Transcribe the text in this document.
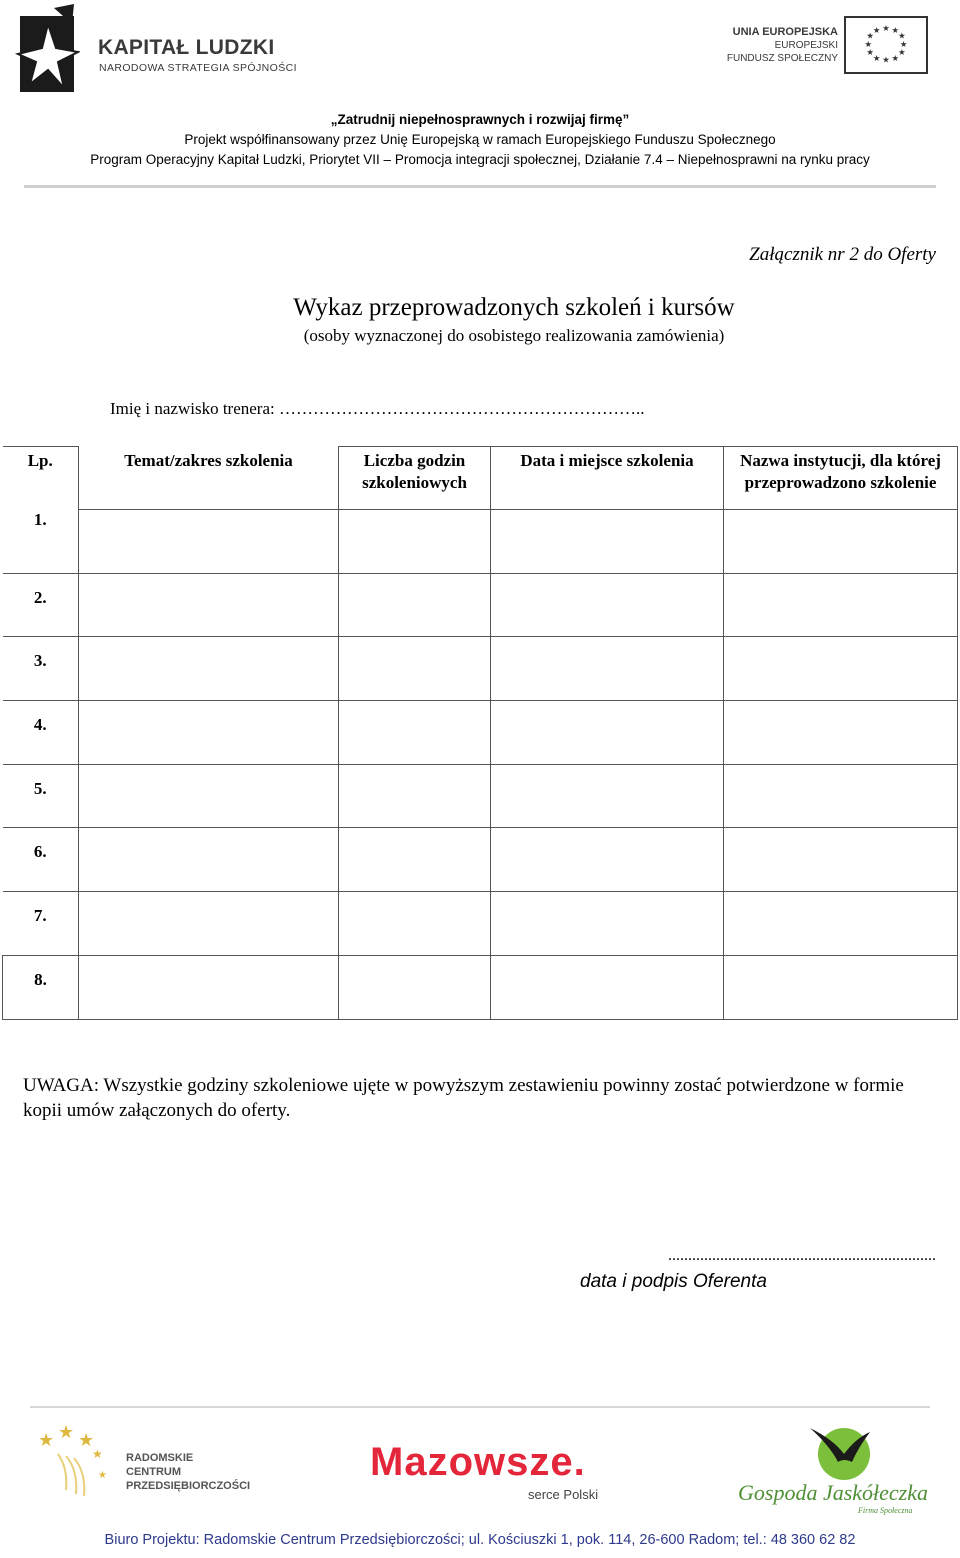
KAPITAŁ LUDZKI
NARODOWA STRATEGIA SPÓJNOŚCI
UNIA EUROPEJSKA
EUROPEJSKI
FUNDUSZ SPOŁECZNY
★ ★
★
★
★
★
★
★
★
★
★
★
„Zatrudnij niepełnosprawnych i rozwijaj firmę”
Projekt współfinansowany przez Unię Europejską w ramach Europejskiego Funduszu Społecznego
Program Operacyjny Kapitał Ludzki, Priorytet VII – Promocja integracji społecznej, Działanie 7.4 – Niepełnosprawni na rynku pracy
Załącznik nr 2 do Oferty
Wykaz przeprowadzonych szkoleń i kursów
(osoby wyznaczonej do osobistego realizowania zamówienia)
Imię i nazwisko trenera: ………………………………………………………..
Lp.	Temat/zakres szkolenia	Liczba godzin szkoleniowych	Data i miejsce szkolenia	Nazwa instytucji, dla której przeprowadzono szkolenie

1.				

2.				

3.				

4.				

5.				

6.				

7.				

8.				

UWAGA: Wszystkie godziny szkoleniowe ujęte w powyższym zestawieniu powinny zostać potwierdzone w formie kopii umów załączonych do oferty.
...................................................................
data i podpis Oferenta
★ ★ ★
★
★
RADOMSKIE
CENTRUM
PRZEDSIĘBIORCZOŚCI
Mazowsze.
serce Polski	Gospoda Jaskółeczka
Firma Społeczna
Biuro Projektu: Radomskie Centrum Przedsiębiorczości; ul. Kościuszki 1, pok. 114, 26-600 Radom; tel.: 48 360 62 82
